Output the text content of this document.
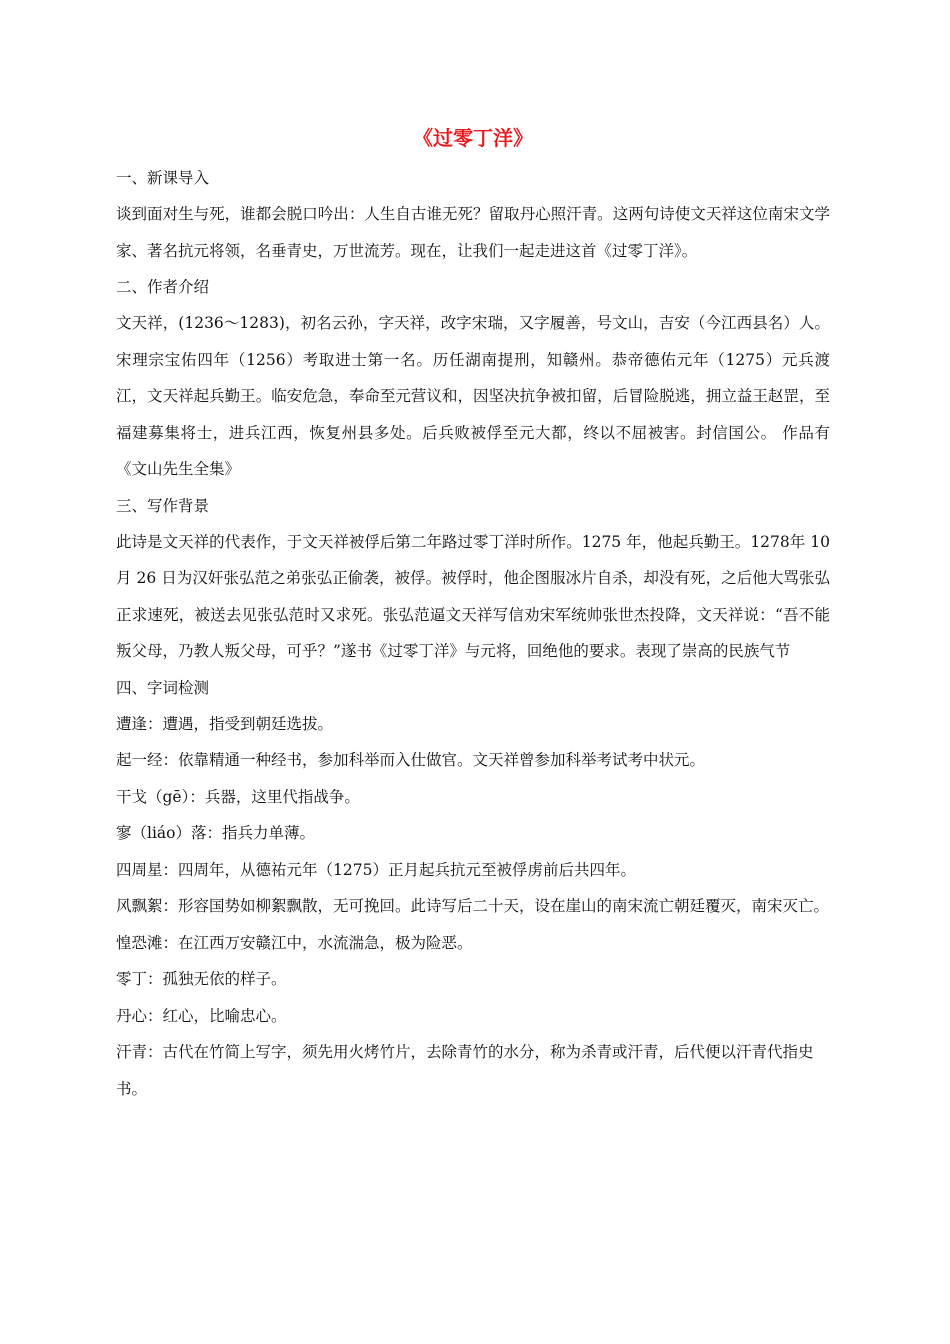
《过零丁洋》

一、新课导入

谈到面对生与死，谁都会脱口吟出：人生自古谁无死？留取丹心照汗青。这两句诗使文天祥这位南宋文学家、著名抗元将领，名垂青史，万世流芳。现在，让我们一起走进这首《过零丁洋》。

二、作者介绍

文天祥，(1236～1283)，初名云孙，字天祥，改字宋瑞，又字履善，号文山，吉安（今江西县名）人。 宋理宗宝佑四年（1256）考取进士第一名。历任湖南提刑，知赣州。恭帝德佑元年（1275）元兵渡江，文天祥起兵勤王。临安危急，奉命至元营议和，因坚决抗争被扣留，后冒险脱逃，拥立益王赵罡，至福建募集将士，进兵江西，恢复州县多处。后兵败被俘至元大都，终以不屈被害。封信国公。 作品有《文山先生全集》

三、写作背景

此诗是文天祥的代表作，于文天祥被俘后第二年路过零丁洋时所作。1275 年，他起兵勤王。1278年 10 月 26 日为汉奸张弘范之弟张弘正偷袭，被俘。被俘时，他企图服冰片自杀，却没有死，之后他大骂张弘正求速死，被送去见张弘范时又求死。张弘范逼文天祥写信劝宋军统帅张世杰投降，文天祥说：“吾不能叛父母，乃教人叛父母，可乎？”遂书《过零丁洋》与元将，回绝他的要求。表现了崇高的民族气节

四、字词检测

遭逢：遭遇，指受到朝廷选拔。

起一经：依靠精通一种经书，参加科举而入仕做官。文天祥曾参加科举考试考中状元。

干戈（gē）：兵器，这里代指战争。

寥（liáo）落：指兵力单薄。

四周星：四周年，从德祐元年（1275）正月起兵抗元至被俘虏前后共四年。

风飘絮：形容国势如柳絮飘散，无可挽回。此诗写后二十天，设在崖山的南宋流亡朝廷覆灭，南宋灭亡。

惶恐滩：在江西万安赣江中，水流湍急，极为险恶。

零丁：孤独无依的样子。

丹心：红心，比喻忠心。

汗青：古代在竹简上写字，须先用火烤竹片，去除青竹的水分，称为杀青或汗青，后代便以汗青代指史书。
